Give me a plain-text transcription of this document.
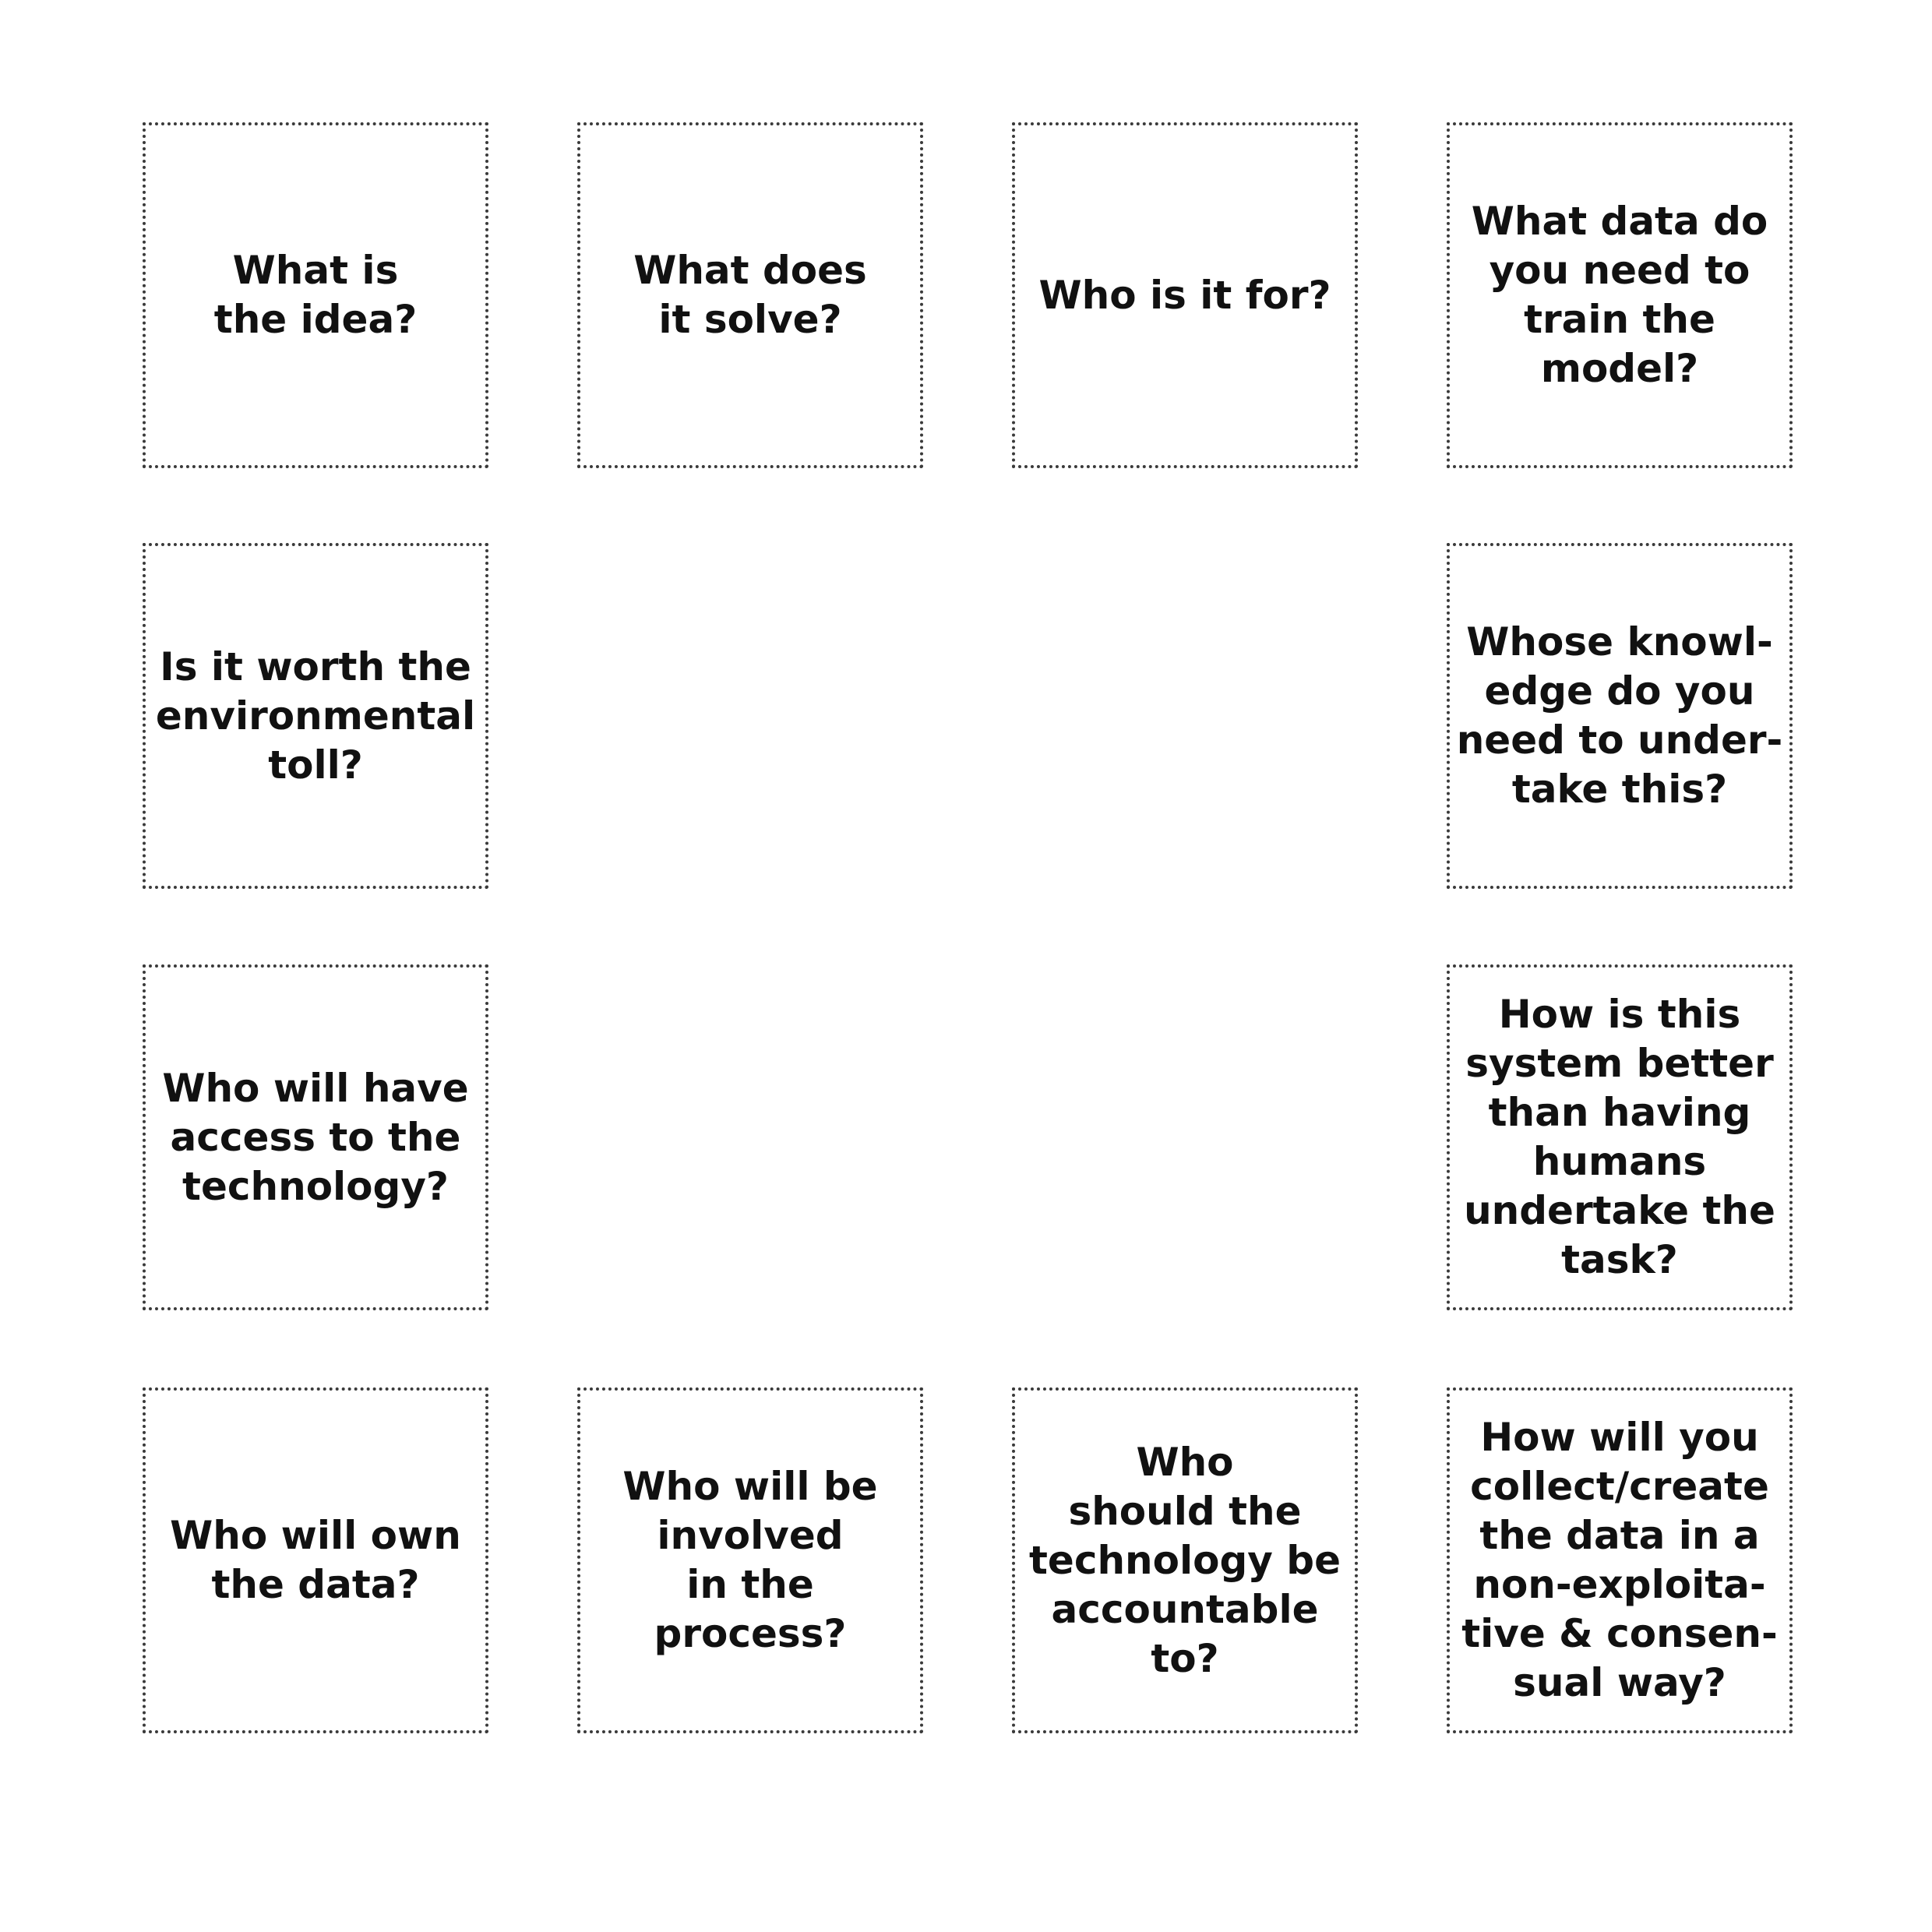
What is
the idea?

What does
it solve?

Who is it for?

What data do
you need to
train the
model?

Is it worth the
environmental
toll?

Whose knowl-
edge do you
need to under-
take this?

Who will have
access to the
technology?

How is this
system better
than having
humans
undertake the
task?

Who will own
the data?

Who will be
involved
in the
process?

Who
should the
technology be
accountable
to?

How will you
collect/create
the data in a
non-exploita-
tive & consen-
sual way?
